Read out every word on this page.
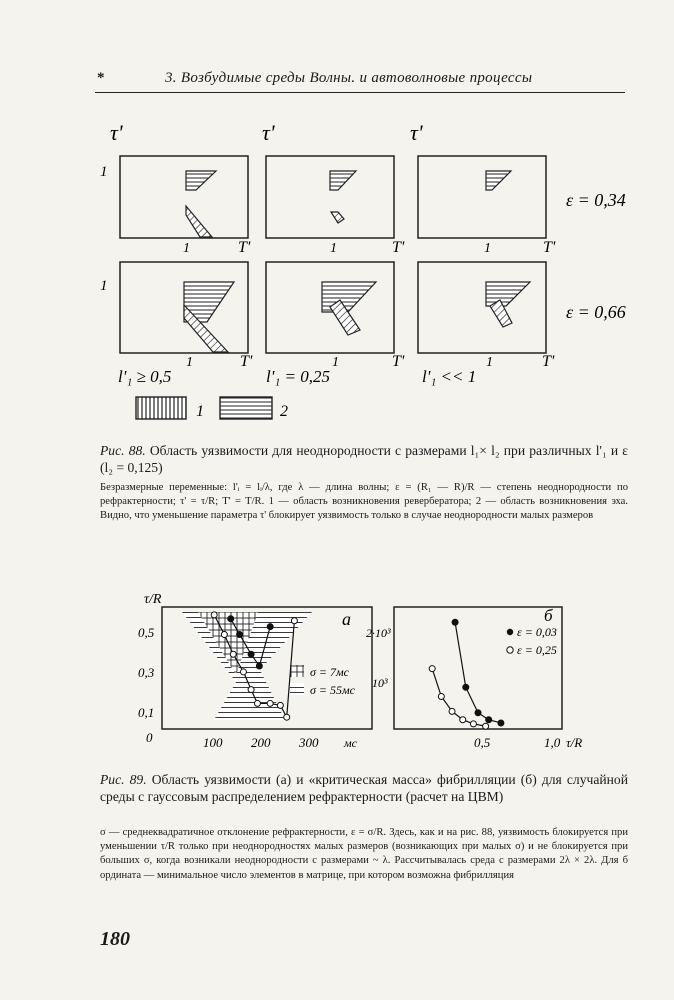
*	3. Возбудимые среды Волны. и автоволновые процессы
τ'	τ'	τ'
1
1
1	T'	1	T'	1	T'
ε = 0,34
1	T'	1	T'	1	T'
ε = 0,66
l'₁ ≥ 0,5	l'₁ = 0,25	l'₁ << 1
1	2
Рис. 88. Область уязвимости для неоднородности с размерами l₁× l₂ при различных l'₁ и ε (l₂ = 0,125)
Безразмерные переменные: l'ᵢ = lᵢ/λ, где λ — длина волны; ε = (R₁ — R)/R — степень неоднородности по рефрактерности; τ' = τ/R; T' = T/R. 1 — область возникновения ревербератора; 2 — область возникновения эха. Видно, что уменьшение параметра τ' блокирует уязвимость только в случае неоднородности малых размеров
τ/R
а
σ = 7мс
σ = 55мс
0
0,1
0,3
0,5
100 200 300 мс
б
2·10³
10³
ε = 0,03
ε = 0,25
0,5	1,0 τ/R
Рис. 89. Область уязвимости (а) и «критическая масса» фибрилляции (б) для случайной среды с гауссовым распределением рефрактерности (расчет на ЦВМ)
σ — среднеквадратичное отклонение рефрактерности, ε = σ/R. Здесь, как и на рис. 88, уязвимость блокируется при уменьшении τ/R только при неоднородностях малых размеров (возникающих при малых σ) и не блокируется при больших σ, когда возникали неоднородности с размерами ~ λ. Рассчитывалась среда с размерами 2λ × 2λ. Для б ордината — минимальное число элементов в матрице, при котором возможна фибрилляция
180
